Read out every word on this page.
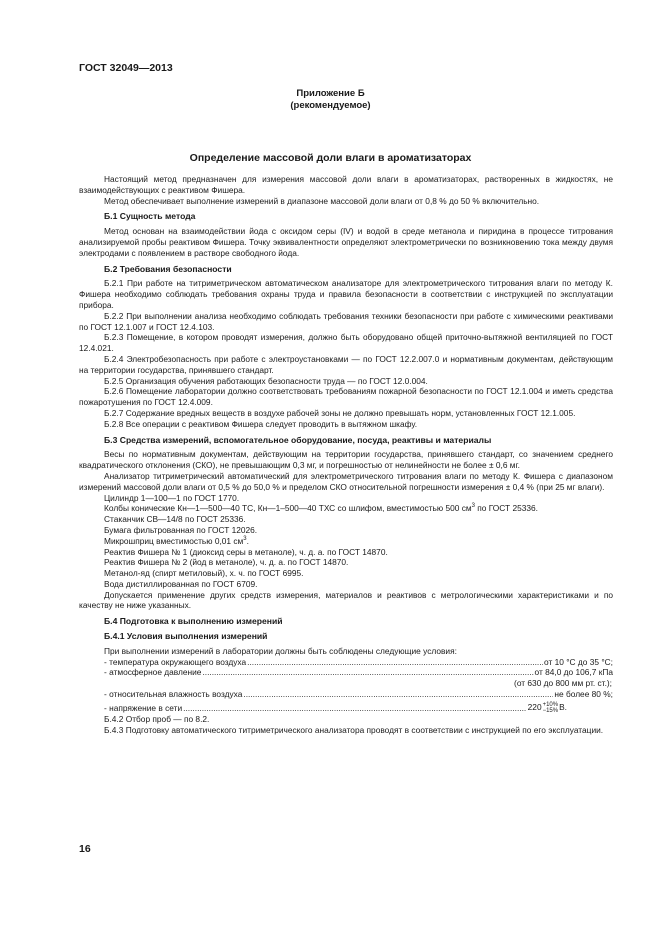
ГОСТ 32049—2013
Приложение Б
(рекомендуемое)
Определение массовой доли влаги в ароматизаторах

Настоящий метод предназначен для измерения массовой доли влаги в ароматизаторах, растворенных в жидкостях, не взаимодействующих с реактивом Фишера.

Метод обеспечивает выполнение измерений в диапазоне массовой доли влаги от 0,8 % до 50 % включительно.

Б.1 Сущность метода

Метод основан на взаимодействии йода с оксидом серы (IV) и водой в среде метанола и пиридина в процессе титрования анализируемой пробы реактивом Фишера. Точку эквивалентности определяют электрометрически по возникновению тока между двумя электродами с появлением в растворе свободного йода.

Б.2 Требования безопасности

Б.2.1 При работе на титриметрическом автоматическом анализаторе для электрометрического титрования влаги по методу К. Фишера необходимо соблюдать требования охраны труда и правила безопасности в соответствии с инструкцией по эксплуатации прибора.

Б.2.2 При выполнении анализа необходимо соблюдать требования техники безопасности при работе с химическими реактивами по ГОСТ 12.1.007 и ГОСТ 12.4.103.

Б.2.3 Помещение, в котором проводят измерения, должно быть оборудовано общей приточно-вытяжной вентиляцией по ГОСТ 12.4.021.

Б.2.4 Электробезопасность при работе с электроустановками — по ГОСТ 12.2.007.0 и нормативным документам, действующим на территории государства, принявшего стандарт.

Б.2.5 Организация обучения работающих безопасности труда — по ГОСТ 12.0.004.

Б.2.6 Помещение лаборатории должно соответствовать требованиям пожарной безопасности по ГОСТ 12.1.004 и иметь средства пожаротушения по ГОСТ 12.4.009.

Б.2.7 Содержание вредных веществ в воздухе рабочей зоны не должно превышать норм, установленных ГОСТ 12.1.005.

Б.2.8 Все операции с реактивом Фишера следует проводить в вытяжном шкафу.

Б.3 Средства измерений, вспомогательное оборудование, посуда, реактивы и материалы

Весы по нормативным документам, действующим на территории государства, принявшего стандарт, со значением среднего квадратического отклонения (СКО), не превышающим 0,3 мг, и погрешностью от нелинейности не более ± 0,6 мг.

Анализатор титриметрический автоматический для электрометрического титрования влаги по методу К. Фишера с диапазоном измерений массовой доли влаги от 0,5 % до 50,0 % и пределом СКО относительной погрешности измерения ± 0,4 % (при 25 мг влаги).

Цилиндр 1—100—1 по ГОСТ 1770.

Колбы конические Кн—1—500—40 ТС, Кн—1–500—40 ТХС со шлифом, вместимостью 500 $см^3$ по ГОСТ 25336.

Стаканчик СВ—14/8 по ГОСТ 25336.

Бумага фильтрованная по ГОСТ 12026.

Микрошприц вместимостью 0,01 $см^3$.

Реактив Фишера № 1 (диоксид серы в метаноле), ч. д. а. по ГОСТ 14870.

Реактив Фишера № 2 (йод в метаноле), ч. д. а. по ГОСТ 14870.

Метанол-яд (спирт метиловый), х. ч. по ГОСТ 6995.

Вода дистиллированная по ГОСТ 6709.

Допускается применение других средств измерения, материалов и реактивов с метрологическими характеристиками и по качеству не ниже указанных.

Б.4 Подготовка к выполнению измерений
Б.4.1 Условия выполнения измерений

При выполнении измерений в лаборатории должны быть соблюдены следующие условия:

- температура окружающего воздуха .....	от 10 °С до 35 °С;
- атмосферное давление .....	от 84,0 до 106,7 кПа
(от 630 до 800 мм рт. ст.);
- относительная влажность воздуха .....	не более 80 %;
- напряжение в сети .....	220 +10%
−15% В.

Б.4.2 Отбор проб — по 8.2.

Б.4.3 Подготовку автоматического титриметрического анализатора проводят в соответствии с инструкцией по его эксплуатации.

16
